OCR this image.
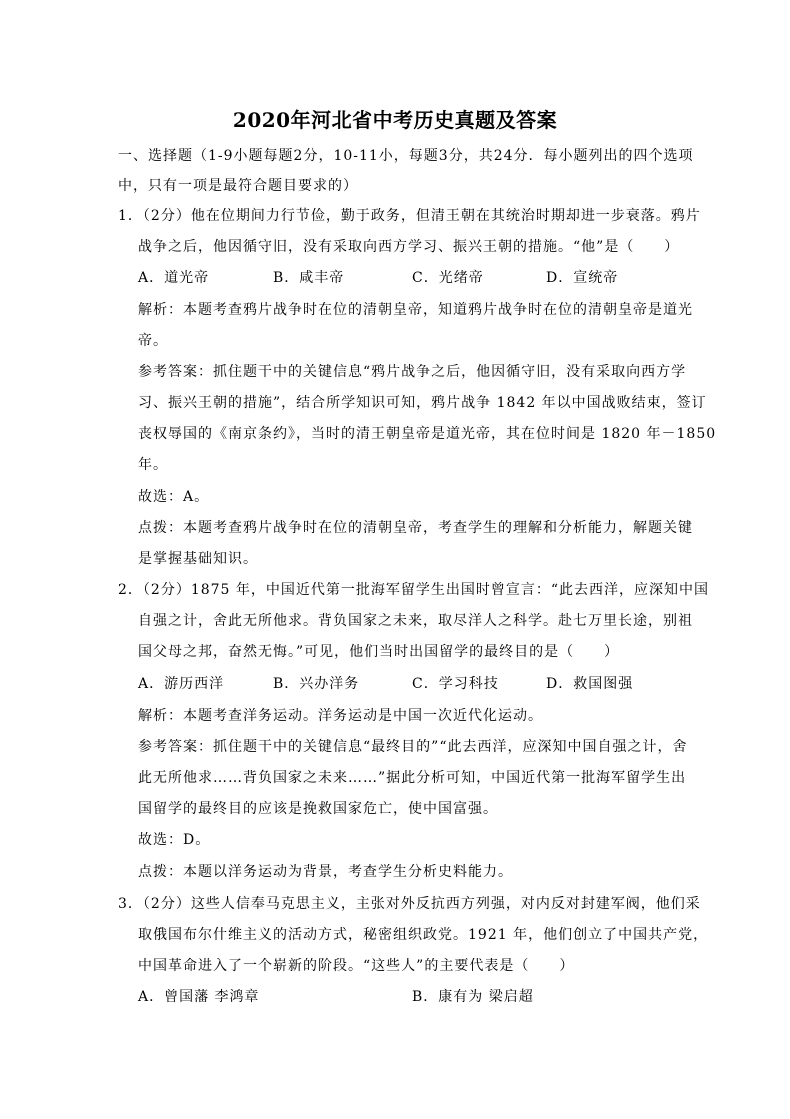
2020年河北省中考历史真题及答案
一、选择题（1-9小题每题2分，10-11小，每题3分，共24分．每小题列出的四个选项
中，只有一项是最符合题目要求的）
1．（2分）他在位期间力行节俭，勤于政务，但清王朝在其统治时期却进一步衰落。鸦片
战争之后，他因循守旧，没有采取向西方学习、振兴王朝的措施。“他”是（　　）
A．道光帝	B．咸丰帝	C．光绪帝	D．宣统帝
解析：本题考查鸦片战争时在位的清朝皇帝，知道鸦片战争时在位的清朝皇帝是道光
帝。
参考答案：抓住题干中的关键信息“鸦片战争之后，他因循守旧，没有采取向西方学
习、振兴王朝的措施”，结合所学知识可知，鸦片战争 1842 年以中国战败结束，签订
丧权辱国的《南京条约》，当时的清王朝皇帝是道光帝，其在位时间是 1820 年－1850
年。
故选：A。
点拨：本题考查鸦片战争时在位的清朝皇帝，考查学生的理解和分析能力，解题关键
是掌握基础知识。
2．（2分）1875 年，中国近代第一批海军留学生出国时曾宣言：“此去西洋，应深知中国
自强之计，舍此无所他求。背负国家之未来，取尽洋人之科学。赴七万里长途，别祖
国父母之邦，奋然无悔。”可见，他们当时出国留学的最终目的是（　　）
A．游历西洋	B．兴办洋务	C．学习科技	D．救国图强
解析：本题考查洋务运动。洋务运动是中国一次近代化运动。
参考答案：抓住题干中的关键信息“最终目的”“此去西洋，应深知中国自强之计，舍
此无所他求……背负国家之未来……”据此分析可知，中国近代第一批海军留学生出
国留学的最终目的应该是挽救国家危亡，使中国富强。
故选：D。
点拨：本题以洋务运动为背景，考查学生分析史料能力。
3．（2分）这些人信奉马克思主义，主张对外反抗西方列强，对内反对封建军阀，他们采
取俄国布尔什维主义的活动方式，秘密组织政党。1921 年，他们创立了中国共产党，
中国革命进入了一个崭新的阶段。“这些人”的主要代表是（　　）
A．曾国藩 李鸿章	B．康有为 梁启超
